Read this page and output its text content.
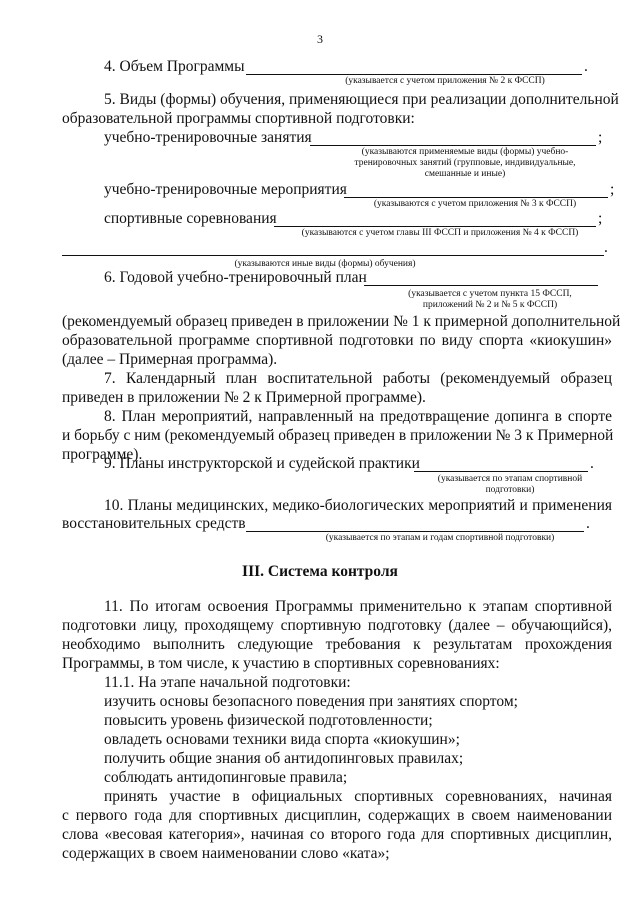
3
4. Объем Программы	.
(указывается с учетом приложения № 2 к ФССП)
5. Виды (формы) обучения, применяющиеся при реализации дополнительной
образовательной программы спортивной подготовки:
учебно-тренировочные занятия	;
(указываются применяемые виды (формы) учебно-
тренировочных занятий (групповые, индивидуальные,
смешанные и иные)
учебно-тренировочные мероприятия	;
(указываются с учетом приложения № 3 к ФССП)
спортивные соревнования	;
(указываются с учетом главы III ФССП и приложения № 4 к ФССП)
.
(указываются иные виды (формы) обучения)
6. Годовой учебно-тренировочный план
(указывается с учетом пункта 15 ФССП,
приложений № 2 и № 5 к ФССП)
(рекомендуемый образец приведен в приложении № 1 к примерной дополнительной
образовательной программе спортивной подготовки по виду спорта «киокушин»
(далее – Примерная программа).
7. Календарный план воспитательной работы (рекомендуемый образец
приведен в приложении № 2 к Примерной программе).
8. План мероприятий, направленный на предотвращение допинга в спорте
и борьбу с ним (рекомендуемый образец приведен в приложении № 3 к Примерной
программе).
9. Планы инструкторской и судейской практики	.
(указывается по этапам спортивной
подготовки)
10. Планы медицинских, медико-биологических мероприятий и применения
восстановительных средств	.
(указывается по этапам и годам спортивной подготовки)
III. Система контроля
11. По итогам освоения Программы применительно к этапам спортивной
подготовки лицу, проходящему спортивную подготовку (далее – обучающийся),
необходимо выполнить следующие требования к результатам прохождения
Программы, в том числе, к участию в спортивных соревнованиях:
11.1. На этапе начальной подготовки:
изучить основы безопасного поведения при занятиях спортом;
повысить уровень физической подготовленности;
овладеть основами техники вида спорта «киокушин»;
получить общие знания об антидопинговых правилах;
соблюдать антидопинговые правила;
принять участие в официальных спортивных соревнованиях, начиная
с первого года для спортивных дисциплин, содержащих в своем наименовании
слова «весовая категория», начиная со второго года для спортивных дисциплин,
содержащих в своем наименовании слово «ката»;
